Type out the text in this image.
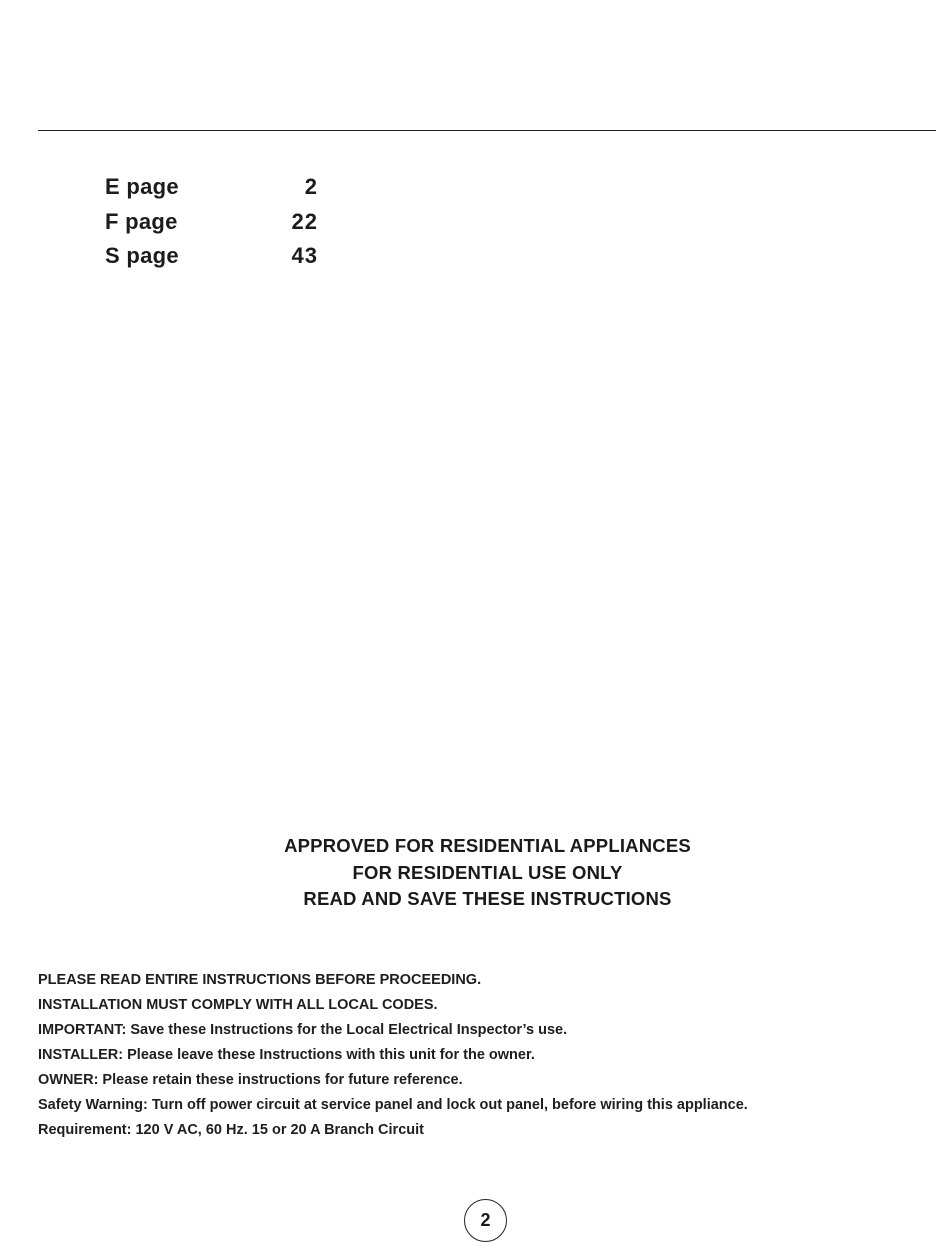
E page	2
F page	22
S page	43
APPROVED FOR RESIDENTIAL APPLIANCES
FOR RESIDENTIAL USE ONLY
READ AND SAVE THESE INSTRUCTIONS
PLEASE READ ENTIRE INSTRUCTIONS BEFORE PROCEEDING.
INSTALLATION MUST COMPLY WITH ALL LOCAL CODES.
IMPORTANT: Save these Instructions for the Local Electrical Inspector’s use.
INSTALLER: Please leave these Instructions with this unit for the owner.
OWNER: Please retain these instructions for future reference.
Safety Warning: Turn off power circuit at service panel and lock out panel, before wiring this appliance.
Requirement: 120 V AC, 60 Hz. 15 or 20 A Branch Circuit
2
